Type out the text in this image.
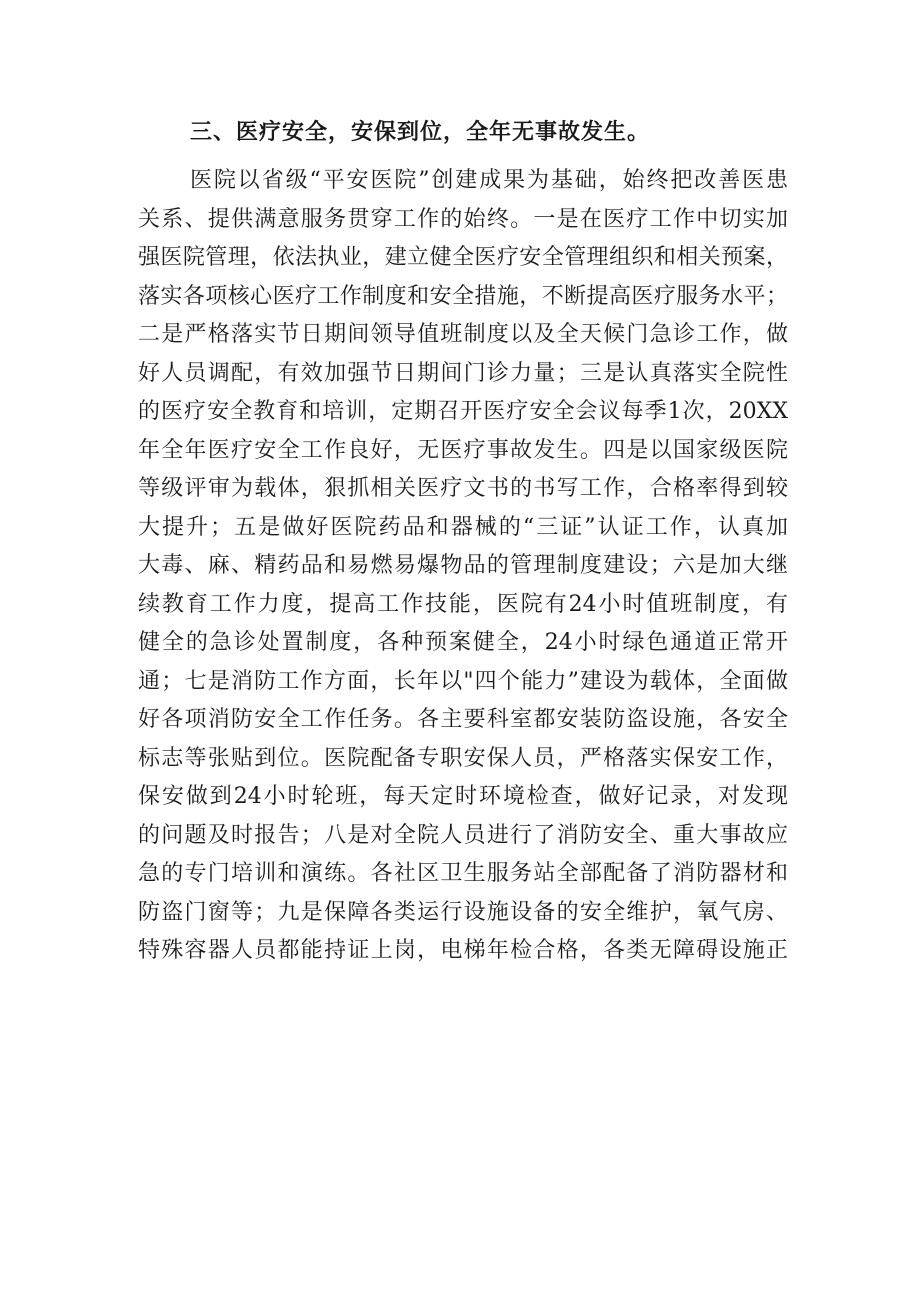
三、医疗安全，安保到位，全年无事故发生。
医院以省级“平安医院”创建成果为基础，始终把改善医患
关系、提供满意服务贯穿工作的始终。一是在医疗工作中切实加
强医院管理，依法执业，建立健全医疗安全管理组织和相关预案，
落实各项核心医疗工作制度和安全措施，不断提高医疗服务水平；
二是严格落实节日期间领导值班制度以及全天候门急诊工作，做
好人员调配，有效加强节日期间门诊力量；三是认真落实全院性
的医疗安全教育和培训，定期召开医疗安全会议每季1次，20XX
年全年医疗安全工作良好，无医疗事故发生。四是以国家级医院
等级评审为载体，狠抓相关医疗文书的书写工作，合格率得到较
大提升；五是做好医院药品和器械的“三证”认证工作，认真加
大毒、麻、精药品和易燃易爆物品的管理制度建设；六是加大继
续教育工作力度，提高工作技能，医院有24小时值班制度，有
健全的急诊处置制度，各种预案健全，24小时绿色通道正常开
通；七是消防工作方面，长年以"四个能力”建设为载体，全面做
好各项消防安全工作任务。各主要科室都安装防盗设施，各安全
标志等张贴到位。医院配备专职安保人员，严格落实保安工作，
保安做到24小时轮班，每天定时环境检查，做好记录，对发现
的问题及时报告；八是对全院人员进行了消防安全、重大事故应
急的专门培训和演练。各社区卫生服务站全部配备了消防器材和
防盗门窗等；九是保障各类运行设施设备的安全维护，氧气房、
特殊容器人员都能持证上岗，电梯年检合格，各类无障碍设施正
